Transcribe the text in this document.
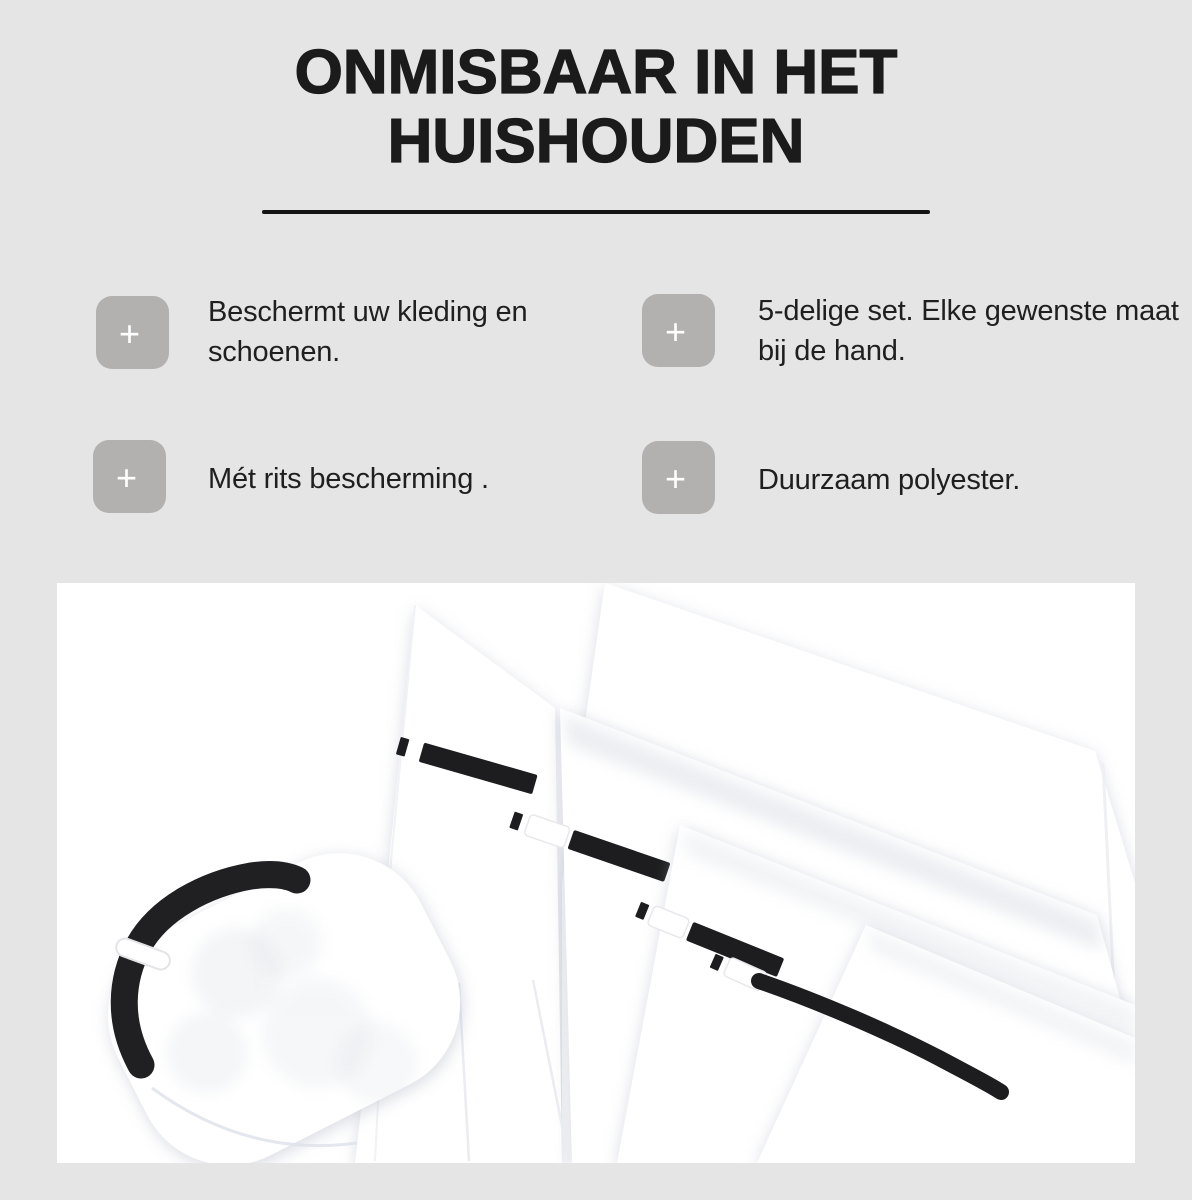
ONMISBAAR IN HET
HUISHOUDEN
+
Beschermt uw kleding en schoenen.
+ 5-delige set. Elke gewenste maat bij de hand.
+ Mét rits bescherming .	+ Duurzaam polyester.
